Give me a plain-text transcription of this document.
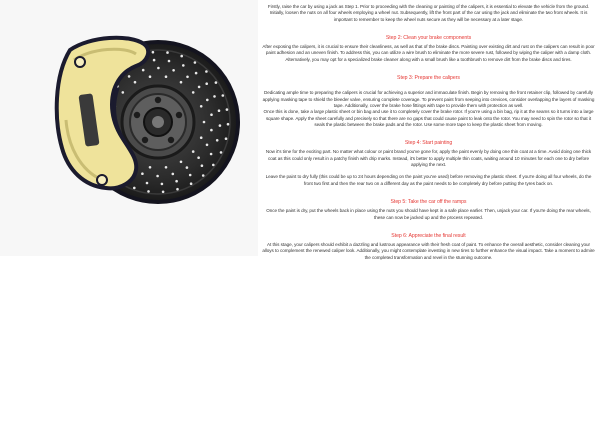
Firstly, raise the car by using a jack as Step 1. Prior to proceeding with the cleaning or painting of the calipers, it is essential to elevate the vehicle from the ground. Initially, loosen the nuts on all four wheels employing a wheel nut. Subsequently, lift the front part of the car using the jack and eliminate the two front wheels. It is important to remember to keep the wheel nuts secure as they will be necessary at a later stage.

Step 2: Clean your brake components

After exposing the calipers, it is crucial to ensure their cleanliness, as well as that of the brake discs. Painting over existing dirt and rust on the calipers can result in poor paint adhesion and an uneven finish. To address this, you can utilize a wire brush to eliminate the more severe rust, followed by wiping the caliper with a damp cloth. Alternatively, you may opt for a specialized brake cleaner along with a small brush like a toothbrush to remove dirt from the brake discs and tires.

Step 3: Prepare the calipers

Dedicating ample time to preparing the calipers is crucial for achieving a superior and immaculate finish. Begin by removing the front retainer clip, followed by carefully applying masking tape to shield the bleeder valve, ensuring complete coverage. To prevent paint from seeping into crevices, consider overlapping the layers of masking tape. Additionally, cover the brake hose fittings with tape to provide them with protection as well.

Once this is done, take a large plastic sheet or bin bag and use it to completely cover the brake rotor. If you're using a bin bag, rip it at the seams so it turns into a large square shape. Apply the sheet carefully and precisely so that there are no gaps that could cause paint to leak onto the rotor. You may need to spin the rotor so that it seals the plastic between the brake pads and the rotor. Use some more tape to keep the plastic sheet from moving.

Step 4: Start painting

Now it's time for the exciting part. No matter what colour or paint brand you've gone for, apply the paint evenly by doing one thin coat at a time. Avoid doing one thick coat as this could only result in a patchy finish with drip marks. Instead, it's better to apply multiple thin coats, waiting around 10 minutes for each one to dry before applying the next.

Leave the paint to dry fully (this could be up to 24 hours depending on the paint you've used) before removing the plastic sheet. If you're doing all four wheels, do the front two first and then the rear two on a different day as the paint needs to be completely dry before putting the tyres back on.

Step 5: Take the car off the ramps

Once the paint is dry, put the wheels back in place using the nuts you should have kept in a safe place earlier. Then, unjack your car. If you're doing the rear wheels, these can now be jacked up and the process repeated.

Step 6: Appreciate the final result

At this stage, your calipers should exhibit a dazzling and lustrous appearance with their fresh coat of paint. To enhance the overall aesthetic, consider cleaning your alloys to complement the renewed caliper look. Additionally, you might contemplate investing in new tires to further enhance the visual impact. Take a moment to admire the completed transformation and revel in the stunning outcome.
